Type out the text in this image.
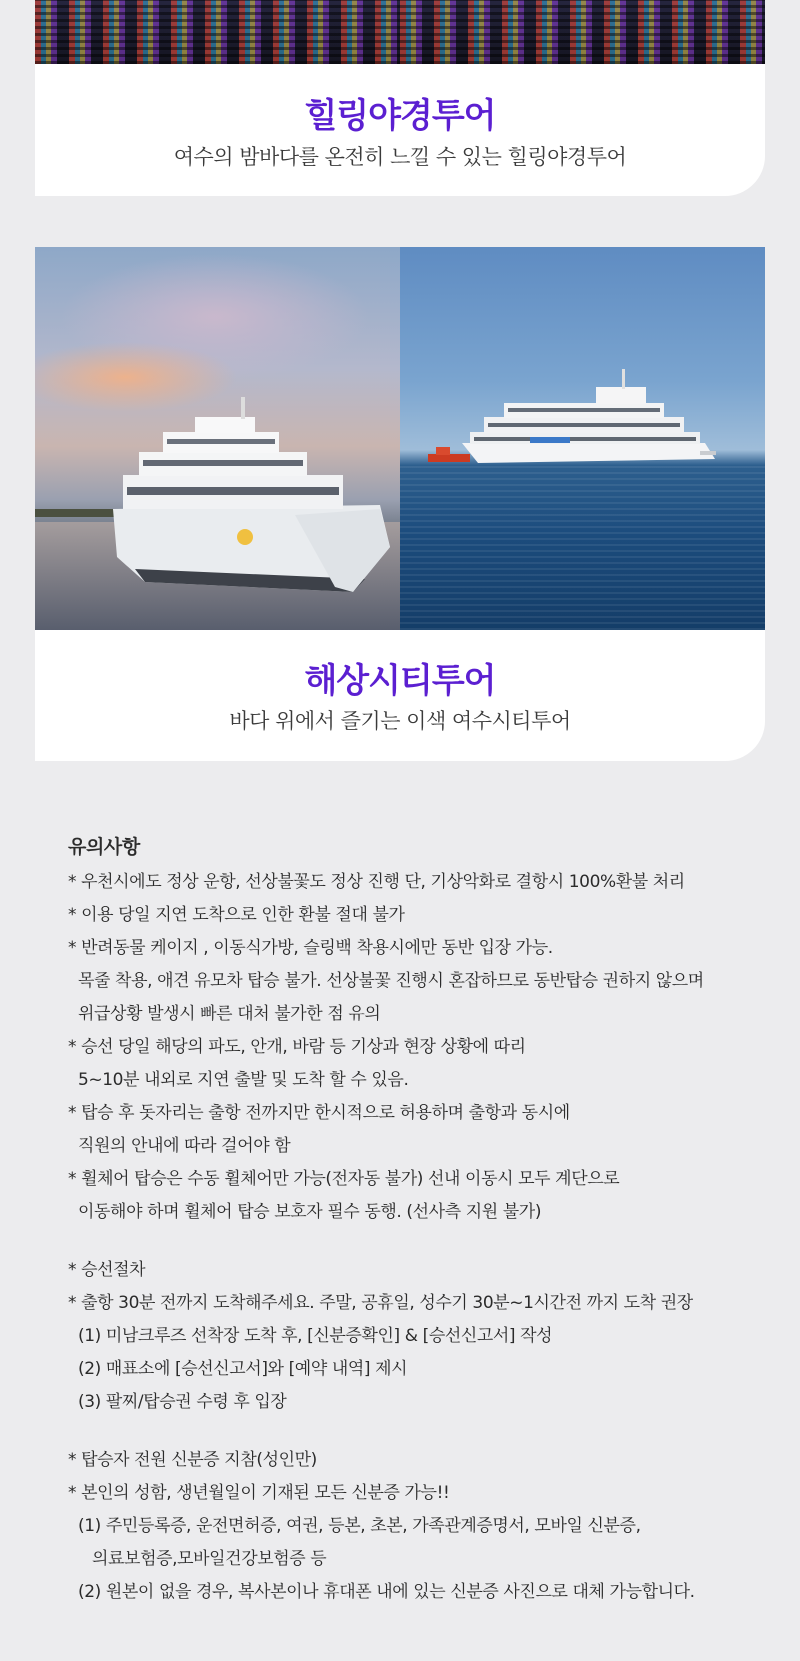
힐링야경투어
여수의 밤바다를 온전히 느낄 수 있는 힐링야경투어
해상시티투어
바다 위에서 즐기는 이색 여수시티투어
유의사항
* 우천시에도 정상 운항, 선상불꽃도 정상 진행 단, 기상악화로 결항시 100%환불 처리
* 이용 당일 지연 도착으로 인한 환불 절대 불가
* 반려동물 케이지 , 이동식가방, 슬링백 착용시에만 동반 입장 가능.
목줄 착용, 애견 유모차 탑승 불가. 선상불꽃 진행시 혼잡하므로 동반탑승 권하지 않으며
위급상황 발생시 빠른 대처 불가한 점 유의
* 승선 당일 해당의 파도, 안개, 바람 등 기상과 현장 상황에 따리
5~10분 내외로 지연 출발 및 도착 할 수 있음.
* 탑승 후 돗자리는 출항 전까지만 한시적으로 허용하며 출항과 동시에
직원의 안내에 따라 걸어야 함
* 휠체어 탑승은 수동 휠체어만 가능(전자동 불가) 선내 이동시 모두 계단으로
이동해야 하며 휠체어 탑승 보호자 필수 동행. (선사측 지원 불가)
* 승선절차
* 출항 30분 전까지 도착해주세요. 주말, 공휴일, 성수기 30분~1시간전 까지 도착 권장
(1) 미남크루즈 선착장 도착 후, [신분증확인] & [승선신고서] 작성
(2) 매표소에 [승선신고서]와 [예약 내역] 제시
(3) 팔찌/탑승권 수령 후 입장
* 탑승자 전원 신분증 지참(성인만)
* 본인의 성함, 생년월일이 기재된 모든 신분증 가능!!
(1) 주민등록증, 운전면허증, 여권, 등본, 초본, 가족관계증명서, 모바일 신분증,
의료보험증,모바일건강보험증 등
(2) 원본이 없을 경우, 복사본이나 휴대폰 내에 있는 신분증 사진으로 대체 가능합니다.
